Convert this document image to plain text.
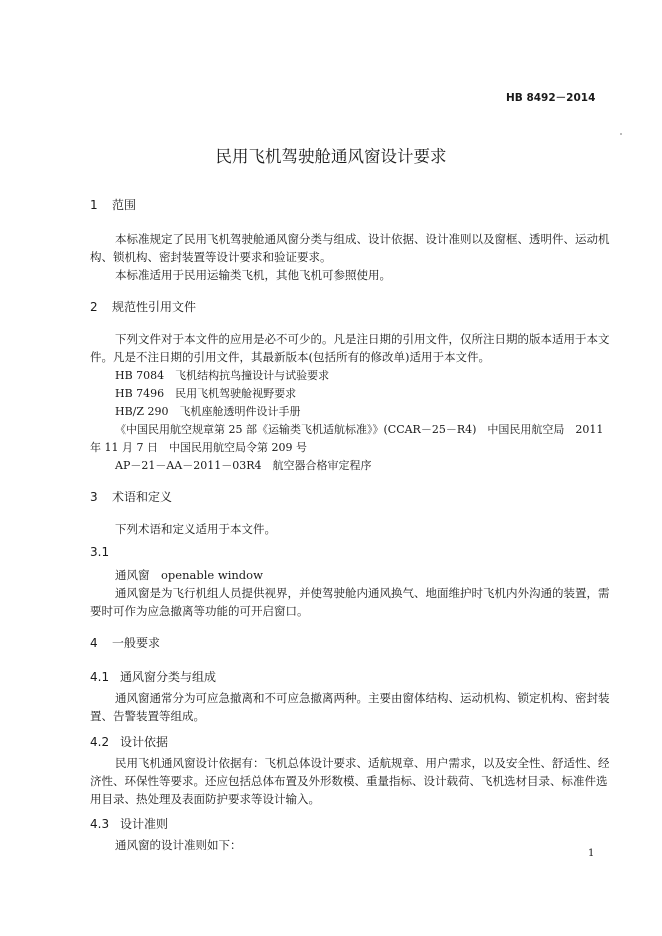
HB 8492－2014
民用飞机驾驶舱通风窗设计要求
1 范围
本标准规定了民用飞机驾驶舱通风窗分类与组成、设计依据、设计准则以及窗框、透明件、运动机
构、锁机构、密封装置等设计要求和验证要求。
本标准适用于民用运输类飞机，其他飞机可参照使用。
2 规范性引用文件
下列文件对于本文件的应用是必不可少的。凡是注日期的引用文件，仅所注日期的版本适用于本文
件。凡是不注日期的引用文件，其最新版本(包括所有的修改单)适用于本文件。
HB 7084　飞机结构抗鸟撞设计与试验要求
HB 7496　民用飞机驾驶舱视野要求
HB/Z 290　飞机座舱透明件设计手册
《中国民用航空规章第 25 部《运输类飞机适航标准》》(CCAR－25－R4)　中国民用航空局　2011
年 11 月 7 日　中国民用航空局令第 209 号
AP－21－AA－2011－03R4　航空器合格审定程序
3 术语和定义
下列术语和定义适用于本文件。
3.1
通风窗　openable window
通风窗是为飞行机组人员提供视界，并使驾驶舱内通风换气、地面维护时飞机内外沟通的装置，需
要时可作为应急撤离等功能的可开启窗口。
4 一般要求
4.1 通风窗分类与组成
通风窗通常分为可应急撤离和不可应急撤离两种。主要由窗体结构、运动机构、锁定机构、密封装
置、告警装置等组成。
4.2 设计依据
民用飞机通风窗设计依据有：飞机总体设计要求、适航规章、用户需求，以及安全性、舒适性、经
济性、环保性等要求。还应包括总体布置及外形数模、重量指标、设计载荷、飞机选材目录、标准件选
用目录、热处理及表面防护要求等设计输入。
4.3 设计准则
通风窗的设计准则如下：
1
